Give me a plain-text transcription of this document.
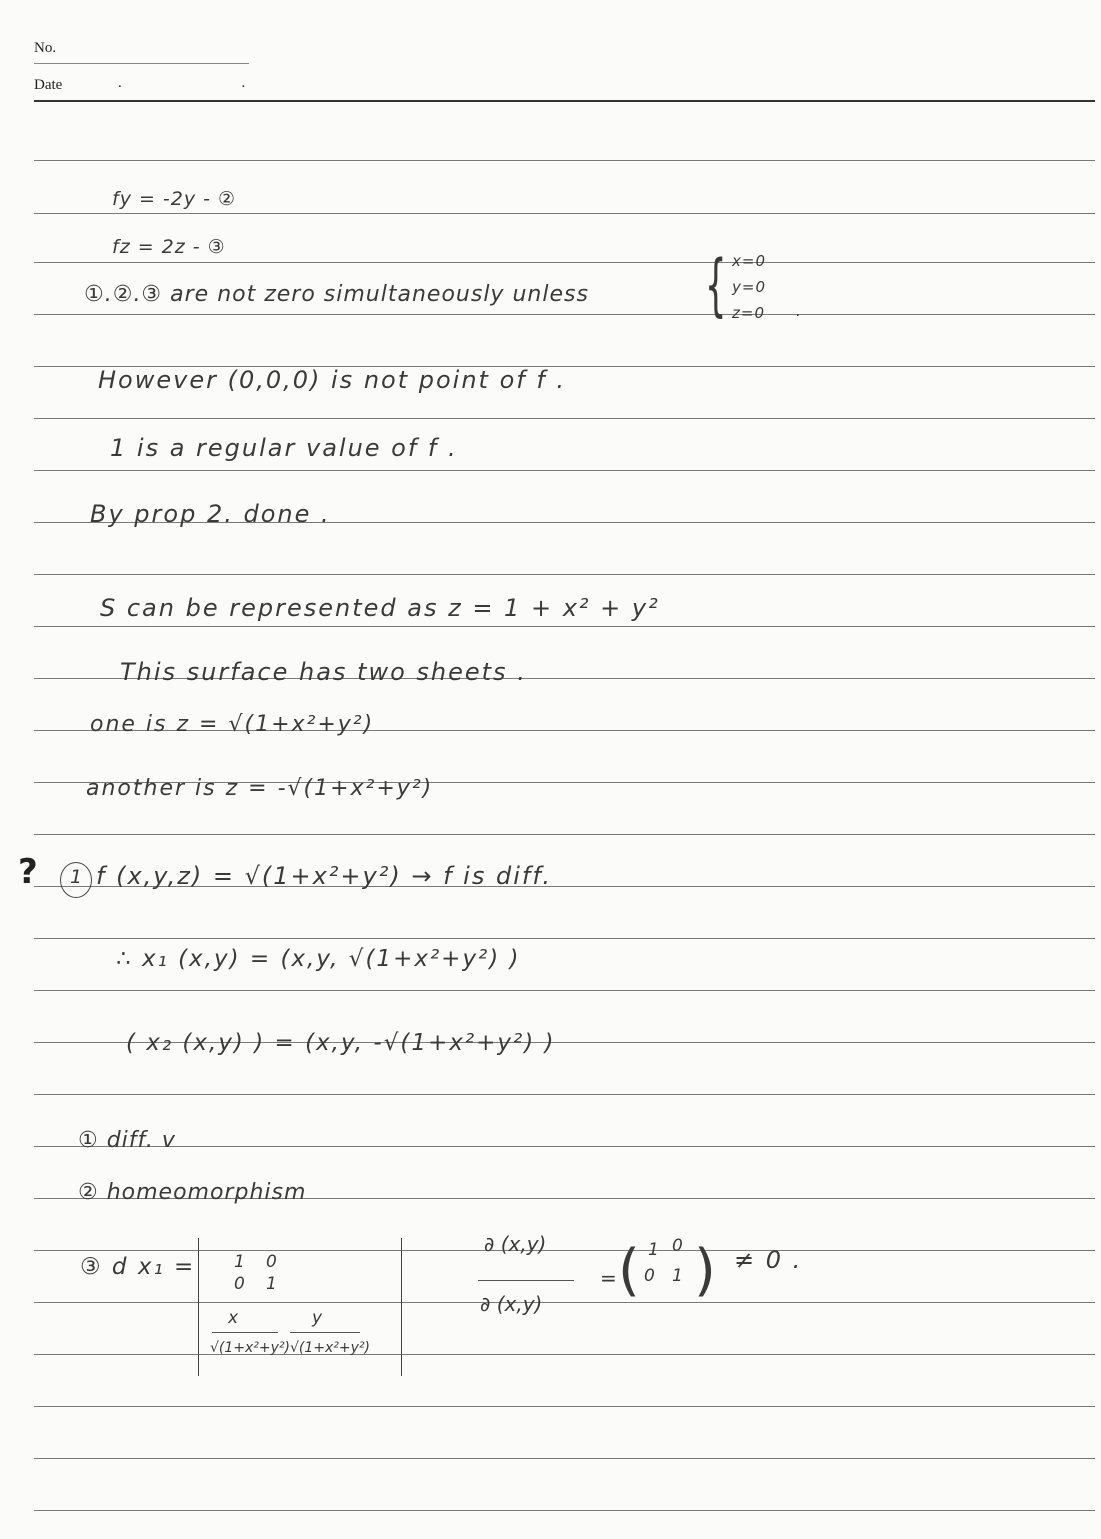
No.
Date	. .
fy = -2y - ②
fz = 2z - ③
①.②.③ are not zero simultaneously unless { x=0
y=0
z=0 .
However (0,0,0) is not point of f .
1 is a regular value of f .
By prop 2. done .
S can be represented as z = 1 + x² + y²
This surface has two sheets .
one is z = √(1+x²+y²)
another is z = -√(1+x²+y²)
? 1 f (x,y,z) = √(1+x²+y²) → f is diff.
∴ x₁ (x,y) = (x,y, √(1+x²+y²) )
( x₂ (x,y) ) = (x,y, -√(1+x²+y²) )
① diff. v
② homeomorphism
③ d x₁ = 1 0
0 1
x
√(1+x²+y²)
y
√(1+x²+y²)
∂ (x,y)
∂ (x,y)
= ( 1 0
0 1 ) ≠ 0 .
